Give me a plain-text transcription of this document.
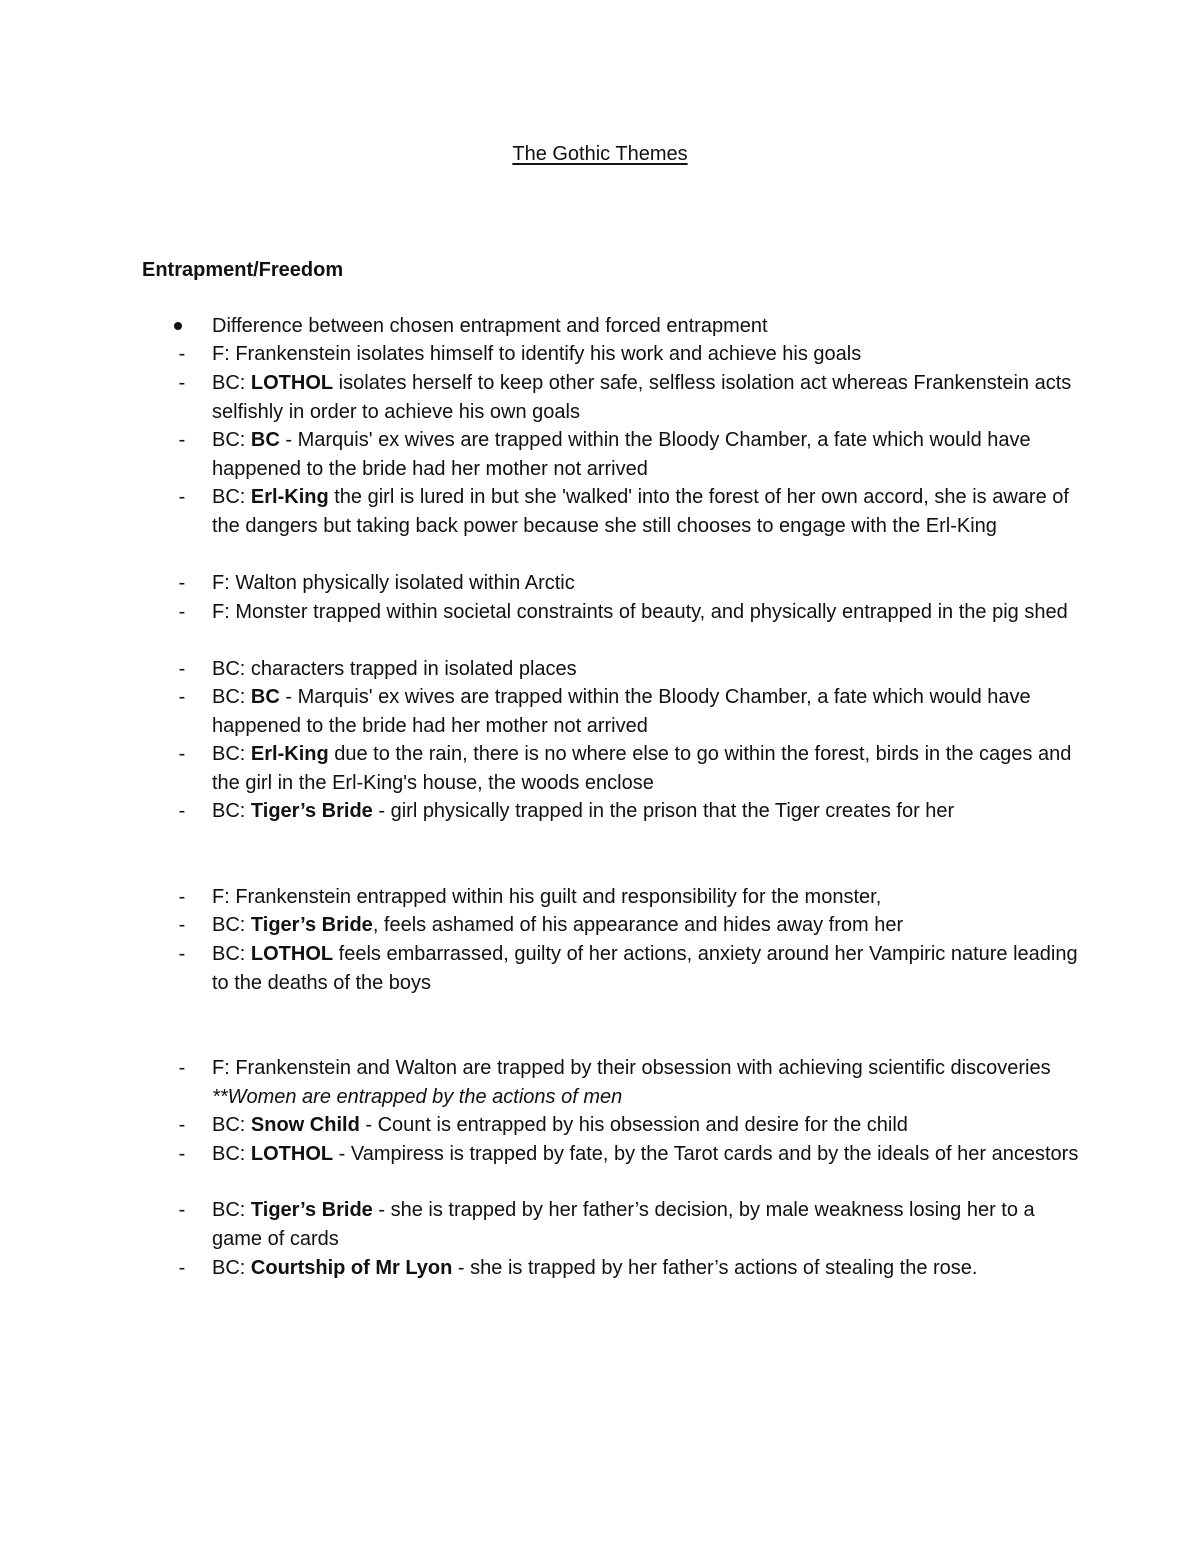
The Gothic Themes
Entrapment/Freedom
Difference between chosen entrapment and forced entrapment
-	F: Frankenstein isolates himself to identify his work and achieve his goals
-	BC: LOTHOL isolates herself to keep other safe, selfless isolation act whereas Frankenstein acts selfishly in order to achieve his own goals
-	BC: BC - Marquis' ex wives are trapped within the Bloody Chamber, a fate which would have happened to the bride had her mother not arrived
-	BC: Erl-King the girl is lured in but she 'walked' into the forest of her own accord, she is aware of the dangers but taking back power because she still chooses to engage with the Erl-King
-	F: Walton physically isolated within Arctic
-	F: Monster trapped within societal constraints of beauty, and physically entrapped in the pig shed
-	BC: characters trapped in isolated places
-	BC: BC - Marquis' ex wives are trapped within the Bloody Chamber, a fate which would have happened to the bride had her mother not arrived
-	BC: Erl-King due to the rain, there is no where else to go within the forest, birds in the cages and the girl in the Erl-King's house, the woods enclose
-	BC: Tiger’s Bride - girl physically trapped in the prison that the Tiger creates for her
-	F: Frankenstein entrapped within his guilt and responsibility for the monster,
-	BC: Tiger’s Bride, feels ashamed of his appearance and hides away from her
-	BC: LOTHOL feels embarrassed, guilty of her actions, anxiety around her Vampiric nature leading to the deaths of the boys
-	F: Frankenstein and Walton are trapped by their obsession with achieving scientific discoveries **Women are entrapped by the actions of men
-	BC: Snow Child - Count is entrapped by his obsession and desire for the child
-	BC: LOTHOL - Vampiress is trapped by fate, by the Tarot cards and by the ideals of her ancestors
-	BC: Tiger’s Bride - she is trapped by her father’s decision, by male weakness losing her to a game of cards
-	BC: Courtship of Mr Lyon - she is trapped by her father’s actions of stealing the rose.
